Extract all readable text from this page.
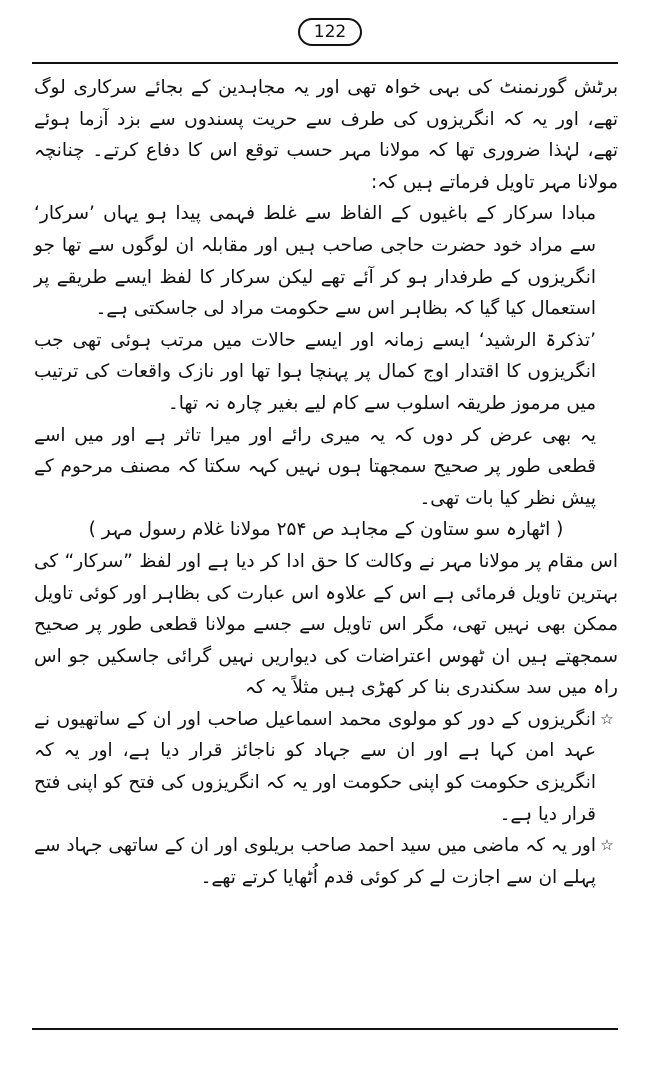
122

برٹش گورنمنٹ کی بہی خواہ تھی اور یہ مجاہدین کے بجائے سرکاری لوگ تھے، اور یہ کہ انگریزوں کی طرف سے حریت پسندوں سے بزد آزما ہوئے تھے، لہٰذا ضروری تھا کہ مولانا مہر حسب توقع اس کا دفاع کرتے۔ چنانچہ مولانا مہر تاویل فرماتے ہیں کہ:

مبادا سرکار کے باغیوں کے الفاظ سے غلط فہمی پیدا ہو یہاں ’سرکار‘ سے مراد خود حضرت حاجی صاحب ہیں اور مقابلہ ان لوگوں سے تھا جو انگریزوں کے طرفدار ہو کر آئے تھے لیکن سرکار کا لفظ ایسے طریقے پر استعمال کیا گیا کہ بظاہر اس سے حکومت مراد لی جاسکتی ہے۔

’تذکرۃ الرشید‘ ایسے زمانہ اور ایسے حالات میں مرتب ہوئی تھی جب انگریزوں کا اقتدار اوج کمال پر پہنچا ہوا تھا اور نازک واقعات کی ترتیب میں مرموز طریقہ اسلوب سے کام لیے بغیر چارہ نہ تھا۔

یہ بھی عرض کر دوں کہ یہ میری رائے اور میرا تاثر ہے اور میں اسے قطعی طور پر صحیح سمجھتا ہوں نہیں کہہ سکتا کہ مصنف مرحوم کے پیش نظر کیا بات تھی۔

( اٹھارہ سو ستاون کے مجاہد ص ۲۵۴ مولانا غلام رسول مہر )

اس مقام پر مولانا مہر نے وکالت کا حق ادا کر دیا ہے اور لفظ ”سرکار“ کی بہترین تاویل فرمائی ہے اس کے علاوہ اس عبارت کی بظاہر اور کوئی تاویل ممکن بھی نہیں تھی، مگر اس تاویل سے جسے مولانا قطعی طور پر صحیح سمجھتے ہیں ان ٹھوس اعتراضات کی دیواریں نہیں گرائی جاسکیں جو اس راہ میں سد سکندری بنا کر کھڑی ہیں مثلاً یہ کہ

☆
انگریزوں کے دور کو مولوی محمد اسماعیل صاحب اور ان کے ساتھیوں نے عہد امن کہا ہے اور ان سے جہاد کو ناجائز قرار دیا ہے، اور یہ کہ انگریزی حکومت کو اپنی حکومت اور یہ کہ انگریزوں کی فتح کو اپنی فتح قرار دیا ہے۔
☆
اور یہ کہ ماضی میں سید احمد صاحب بریلوی اور ان کے ساتھی جہاد سے پہلے ان سے اجازت لے کر کوئی قدم اُٹھایا کرتے تھے۔
